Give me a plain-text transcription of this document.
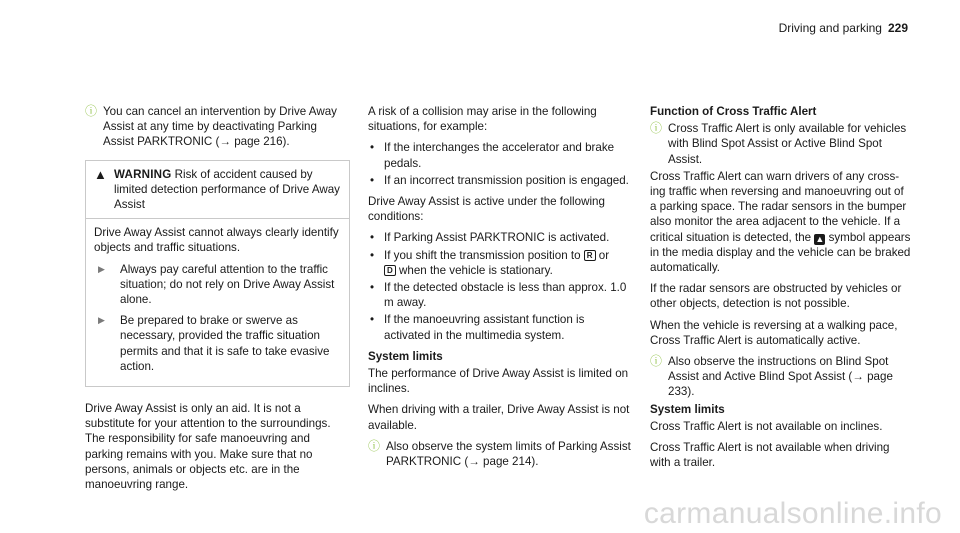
Driving and parking 229
ⓘ You can cancel an intervention by Drive Away Assist at any time by deactivating Parking Assist PARKTRONIC (→ page 216).
▲ WARNING Risk of accident caused by limited detection performance of Drive Away Assist

Drive Away Assist cannot always clearly identify objects and traffic situations.

▶	Always pay careful attention to the traffic situation; do not rely on Drive Away Assist alone.
▶	Be prepared to brake or swerve as necessary, provided the traffic situation permits and that it is safe to take evasive action.

Drive Away Assist is only an aid. It is not a substitute for your attention to the surroundings. The responsibility for safe manoeuvring and parking remains with you. Make sure that no persons, animals or objects etc. are in the manoeuvring range.

A risk of a collision may arise in the following situations, for example:

• If the interchanges the accelerator and brake pedals.
• If an incorrect transmission position is engaged.

Drive Away Assist is active under the following conditions:

• If Parking Assist PARKTRONIC is activated.
• If you shift the transmission position to R or
D when the vehicle is stationary.
• If the detected obstacle is less than approx. 1.0 m away.
• If the manoeuvring assistant function is activated in the multimedia system.
System limits

The performance of Drive Away Assist is limited on inclines.

When driving with a trailer, Drive Away Assist is not available.

ⓘ Also observe the system limits of Parking Assist PARKTRONIC (→ page 214).
Function of Cross Traffic Alert
ⓘ Cross Traffic Alert is only available for vehicles with Blind Spot Assist or Active Blind Spot Assist.

Cross Traffic Alert can warn drivers of any cross-ing traffic when reversing and manoeuvring out of a parking space. The radar sensors in the bumper also monitor the area adjacent to the vehicle. If a critical situation is detected, the ▲ symbol appears in the media display and the vehicle can be braked automatically.

If the radar sensors are obstructed by vehicles or other objects, detection is not possible.

When the vehicle is reversing at a walking pace, Cross Traffic Alert is automatically active.

ⓘ Also observe the instructions on Blind Spot Assist and Active Blind Spot Assist (→ page 233).
System limits

Cross Traffic Alert is not available on inclines.

Cross Traffic Alert is not available when driving with a trailer.

carmanualsonline.info
